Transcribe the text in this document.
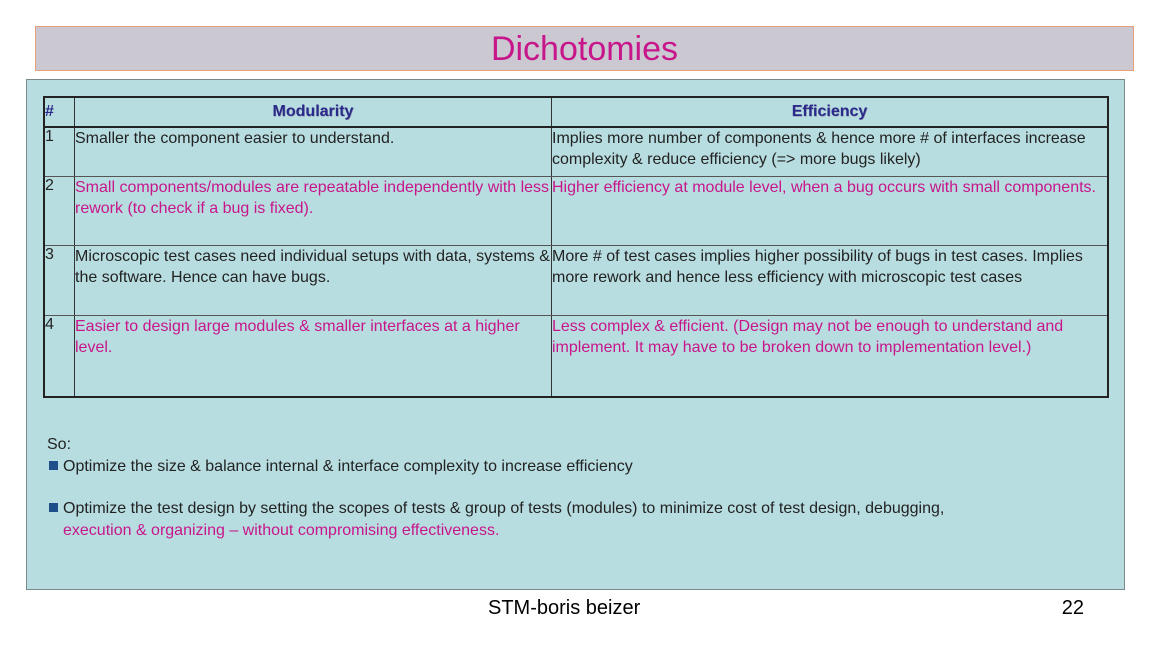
Dichotomies
#	Modularity	Efficiency
1	Smaller the component easier to understand.	Implies more number of components & hence more # of interfaces increase complexity & reduce efficiency (=> more bugs likely)
2	Small components/modules are repeatable independently with less rework (to check if a bug is fixed).	Higher efficiency at module level, when a bug occurs with small components.
3	Microscopic test cases need individual setups with data, systems & the software. Hence can have bugs.	More # of test cases implies higher possibility of bugs in test cases. Implies more rework and hence less efficiency with microscopic test cases
4	Easier to design large modules & smaller interfaces at a higher level.	Less complex & efficient. (Design may not be enough to understand and implement. It may have to be broken down to implementation level.)
So:
Optimize the size & balance internal & interface complexity to increase efficiency
Optimize the test design by setting the scopes of tests & group of tests (modules) to minimize cost of test design, debugging,
execution & organizing – without compromising effectiveness.
STM-boris beizer	22
